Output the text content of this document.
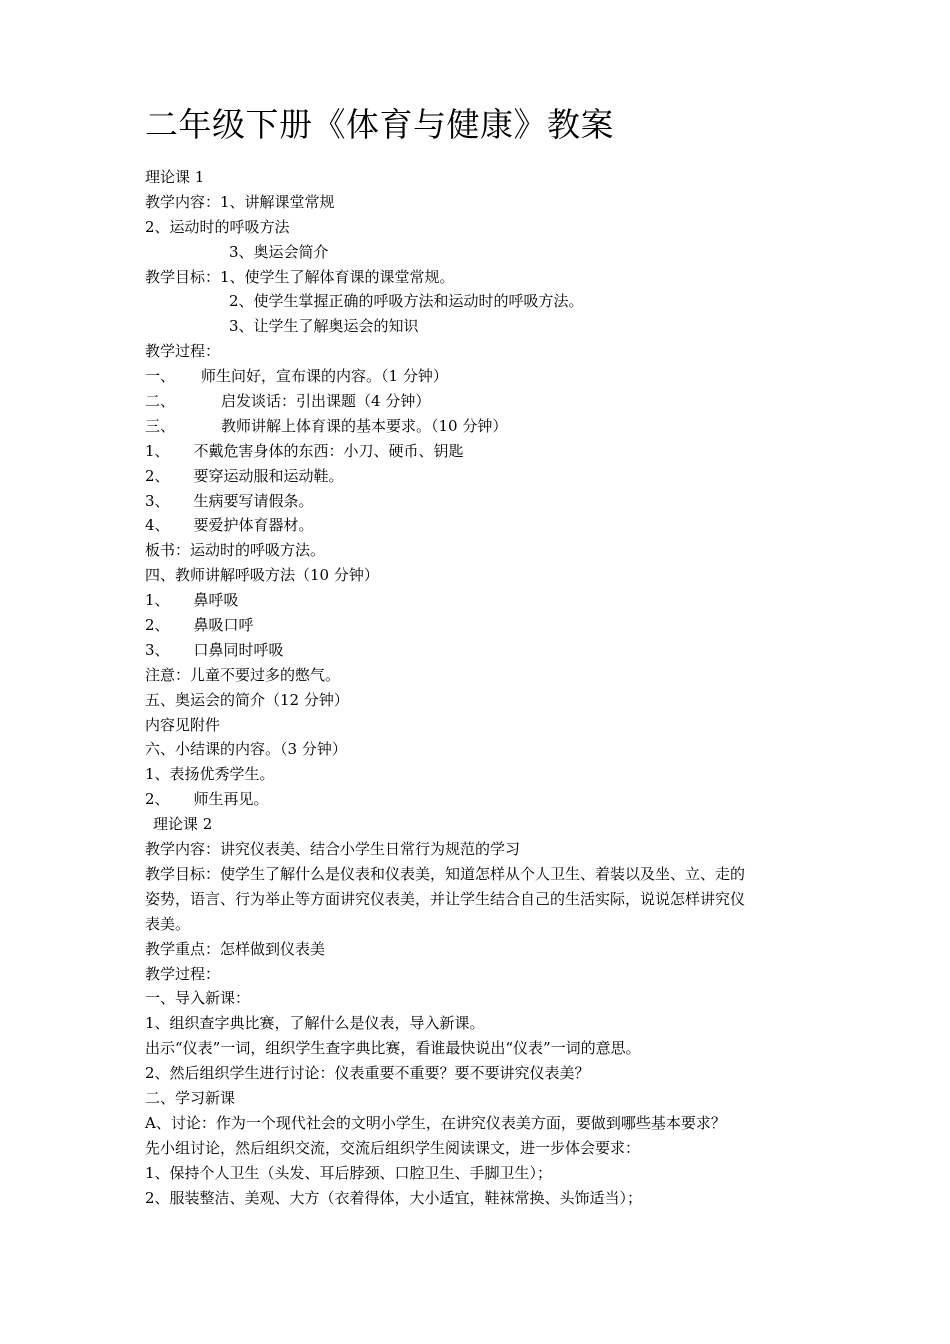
二年级下册《体育与健康》教案
理论课 1
教学内容：1、讲解课堂常规
2、运动时的呼吸方法
3、奥运会简介
教学目标：1、使学生了解体育课的课堂常规。
2、使学生掌握正确的呼吸方法和运动时的呼吸方法。
3、让学生了解奥运会的知识
教学过程：
一、 师生问好，宣布课的内容。（1 分钟）
二、	启发谈话：引出课题（4 分钟）
三、	教师讲解上体育课的基本要求。（10 分钟）
1、 不戴危害身体的东西：小刀、硬币、钥匙
2、 要穿运动服和运动鞋。
3、 生病要写请假条。
4、 要爱护体育器材。
板书：运动时的呼吸方法。
四、教师讲解呼吸方法（10 分钟）
1、 鼻呼吸
2、 鼻吸口呼
3、 口鼻同时呼吸
注意：儿童不要过多的憋气。
五、奥运会的简介（12 分钟）
内容见附件
六、小结课的内容。（3 分钟）
1、表扬优秀学生。
2、 师生再见。
理论课 2
教学内容：讲究仪表美、结合小学生日常行为规范的学习
教学目标：使学生了解什么是仪表和仪表美，知道怎样从个人卫生、着装以及坐、立、走的
姿势，语言、行为举止等方面讲究仪表美，并让学生结合自己的生活实际，说说怎样讲究仪
表美。
教学重点：怎样做到仪表美
教学过程：
一、导入新课：
1、组织查字典比赛，了解什么是仪表，导入新课。
出示“仪表”一词，组织学生查字典比赛，看谁最快说出“仪表”一词的意思。
2、然后组织学生进行讨论：仪表重要不重要？要不要讲究仪表美？
二、学习新课
A、讨论：作为一个现代社会的文明小学生，在讲究仪表美方面，要做到哪些基本要求？
先小组讨论，然后组织交流，交流后组织学生阅读课文，进一步体会要求：
1、保持个人卫生（头发、耳后脖颈、口腔卫生、手脚卫生）；
2、服装整洁、美观、大方（衣着得体，大小适宜，鞋袜常换、头饰适当）；
